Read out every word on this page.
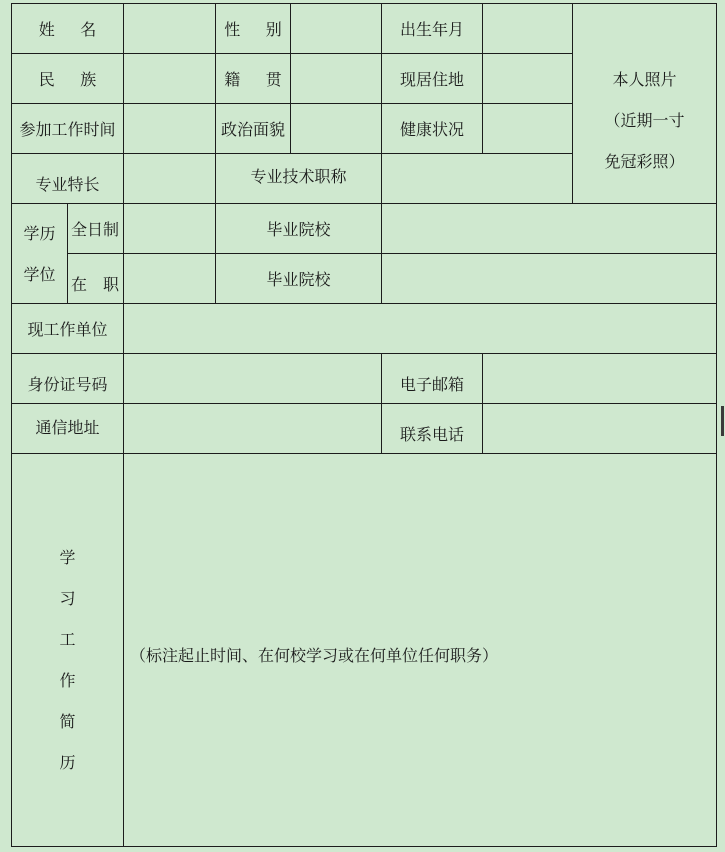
姓 名	性 别	出生年月
本人照片
（近期一寸
免冠彩照）
民 族	籍 贯	现居住地
参加工作时间	政治面貌	健康状况
专业特长	专业技术职称
学历
学位
全日制	毕业院校
在 职	毕业院校
现工作单位
身份证号码	电子邮箱
通信地址	联系电话
学
习
工
作
简
历
（标注起止时间、在何校学习或在何单位任何职务）
